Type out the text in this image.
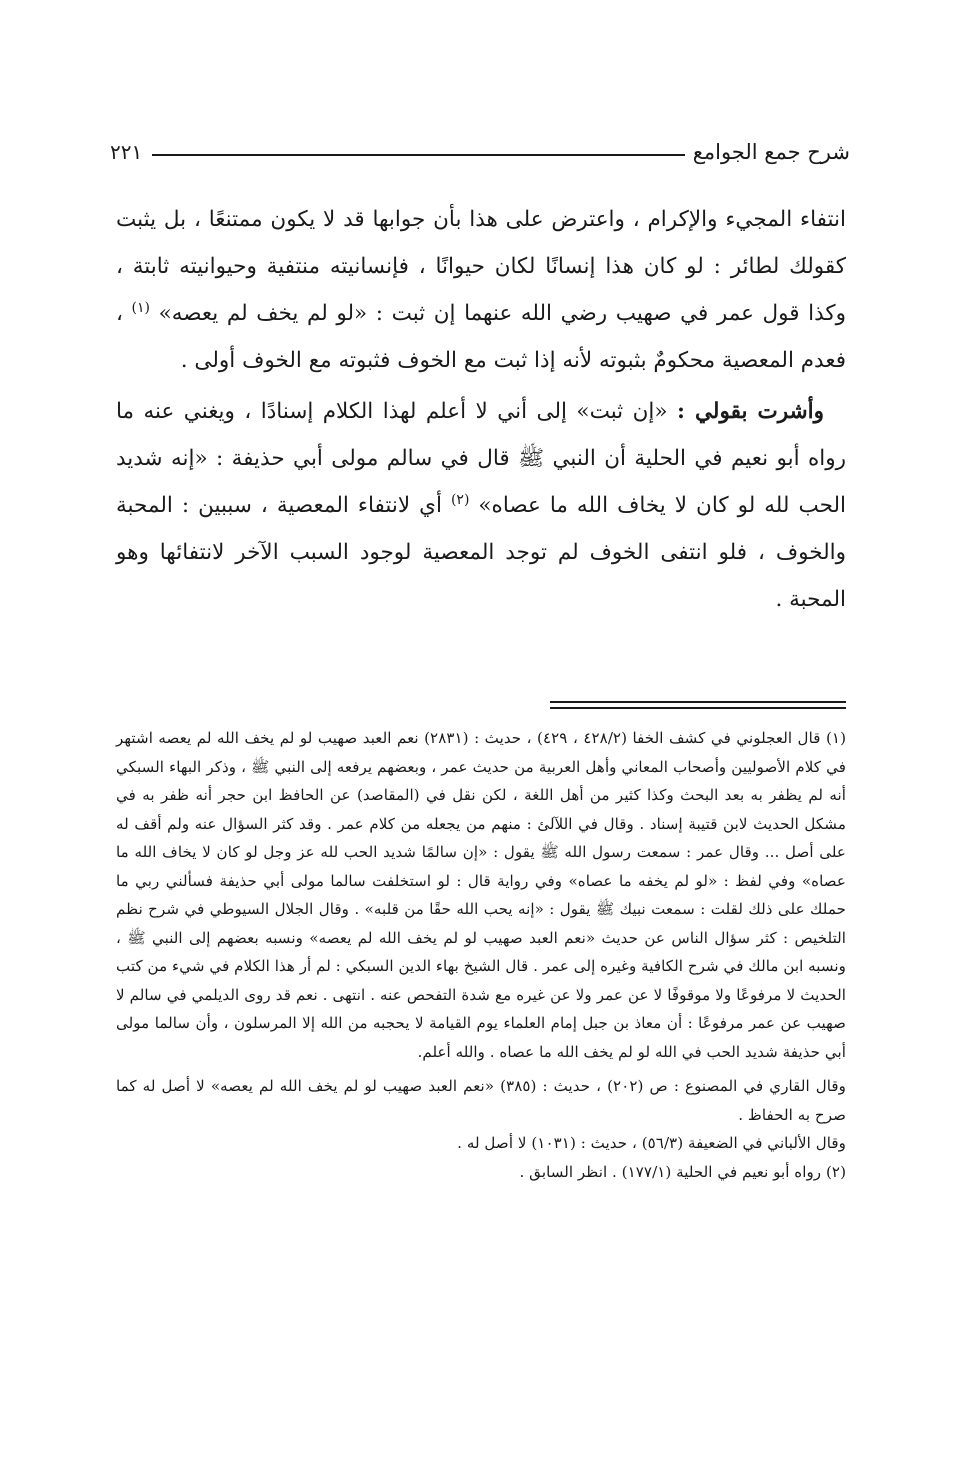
شرح جمع الجوامع
٢٢١

انتفاء المجيء والإكرام ، واعترض على هذا بأن جوابها قد لا يكون ممتنعًا ، بل يثبت كقولك لطائر : لو كان هذا إنسانًا لكان حيوانًا ، فإنسانيته منتفية وحيوانيته ثابتة ، وكذا قول عمر في صهيب رضي الله عنهما إن ثبت : «لو لم يخف لم يعصه» $^{(١)}$ ، فعدم المعصية محكومٌ بثبوته لأنه إذا ثبت مع الخوف فثبوته مع الخوف أولى .

وأشرت بقولي : «إن ثبت» إلى أني لا أعلم لهذا الكلام إسنادًا ، ويغني عنه ما رواه أبو نعيم في الحلية أن النبي ﷺ قال في سالم مولى أبي حذيفة : «إنه شديد الحب لله لو كان لا يخاف الله ما عصاه» $^{(٢)}$ أي لانتفاء المعصية ، سببين : المحبة والخوف ، فلو انتفى الخوف لم توجد المعصية لوجود السبب الآخر لانتفائها وهو المحبة .

(١) قال العجلوني في كشف الخفا (٤٢٨/٢ ، ٤٢٩) ، حديث : (٢٨٣١) نعم العبد صهيب لو لم يخف الله لم يعصه اشتهر في كلام الأصوليين وأصحاب المعاني وأهل العربية من حديث عمر ، وبعضهم يرفعه إلى النبي ﷺ ، وذكر البهاء السبكي أنه لم يظفر به بعد البحث وكذا كثير من أهل اللغة ، لكن نقل في (المقاصد) عن الحافظ ابن حجر أنه ظفر به في مشكل الحديث لابن قتيبة إسناد . وقال في اللآلئ : منهم من يجعله من كلام عمر . وقد كثر السؤال عنه ولم أقف له على أصل ... وقال عمر : سمعت رسول الله ﷺ يقول : «إن سالمًا شديد الحب لله عز وجل لو كان لا يخاف الله ما عصاه» وفي لفظ : «لو لم يخفه ما عصاه» وفي رواية قال : لو استخلفت سالما مولى أبي حذيفة فسألني ربي ما حملك على ذلك لقلت : سمعت نبيك ﷺ يقول : «إنه يحب الله حقًا من قلبه» . وقال الجلال السيوطي في شرح نظم التلخيص : كثر سؤال الناس عن حديث «نعم العبد صهيب لو لم يخف الله لم يعصه» ونسبه بعضهم إلى النبي ﷺ ، ونسبه ابن مالك في شرح الكافية وغيره إلى عمر . قال الشيخ بهاء الدين السبكي : لم أر هذا الكلام في شيء من كتب الحديث لا مرفوعًا ولا موقوفًا لا عن عمر ولا عن غيره مع شدة التفحص عنه . انتهى . نعم قد روى الديلمي في سالم لا صهيب عن عمر مرفوعًا : أن معاذ بن جبل إمام العلماء يوم القيامة لا يحجبه من الله إلا المرسلون ، وأن سالما مولى أبي حذيفة شديد الحب في الله لو لم يخف الله ما عصاه . والله أعلم.

وقال القاري في المصنوع : ص (٢٠٢) ، حديث : (٣٨٥) «نعم العبد صهيب لو لم يخف الله لم يعصه» لا أصل له كما صرح به الحفاظ .

وقال الألباني في الضعيفة (٥٦/٣) ، حديث : (١٠٣١) لا أصل له .

(٢) رواه أبو نعيم في الحلية (١٧٧/١) . انظر السابق .
